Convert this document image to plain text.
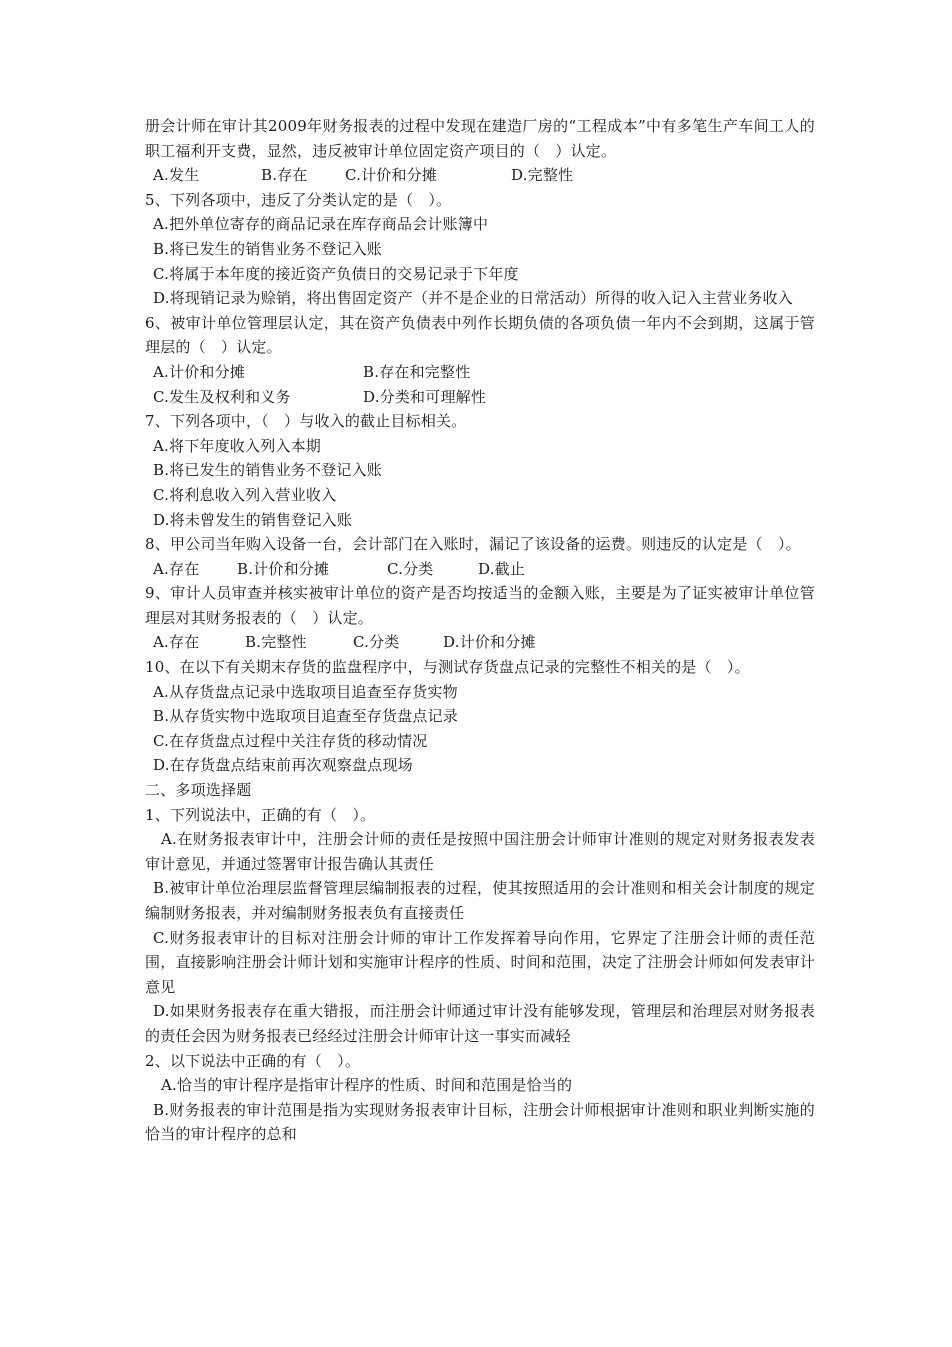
册会计师在审计其2009年财务报表的过程中发现在建造厂房的“工程成本”中有多笔生产车间工人的职工福利开支费，显然，违反被审计单位固定资产项目的（　）认定。
A.发生	B.存在 C.计价和分摊	D.完整性
5、下列各项中，违反了分类认定的是（　）。
A.把外单位寄存的商品记录在库存商品会计账簿中
B.将已发生的销售业务不登记入账
C.将属于本年度的接近资产负债日的交易记录于下年度
D.将现销记录为赊销，将出售固定资产（并不是企业的日常活动）所得的收入记入主营业务收入
6、被审计单位管理层认定，其在资产负债表中列作长期负债的各项负债一年内不会到期，这属于管理层的（　）认定。
A.计价和分摊	B.存在和完整性
C.发生及权利和义务	D.分类和可理解性
7、下列各项中，（　）与收入的截止目标相关。
A.将下年度收入列入本期
B.将已发生的销售业务不登记入账
C.将利息收入列入营业收入
D.将未曾发生的销售登记入账
8、甲公司当年购入设备一台，会计部门在入账时，漏记了该设备的运费。则违反的认定是（　）。
A.存在	B.计价和分摊	C.分类	D.截止
9、审计人员审查并核实被审计单位的资产是否均按适当的金额入账，主要是为了证实被审计单位管理层对其财务报表的（　）认定。
A.存在	B.完整性	C.分类	D.计价和分摊
10、在以下有关期末存货的监盘程序中，与测试存货盘点记录的完整性不相关的是（　）。
A.从存货盘点记录中选取项目追查至存货实物
B.从存货实物中选取项目追查至存货盘点记录
C.在存货盘点过程中关注存货的移动情况
D.在存货盘点结束前再次观察盘点现场
二、多项选择题
1、下列说法中，正确的有（　）。
A.在财务报表审计中，注册会计师的责任是按照中国注册会计师审计准则的规定对财务报表发表审计意见，并通过签署审计报告确认其责任
B.被审计单位治理层监督管理层编制报表的过程，使其按照适用的会计准则和相关会计制度的规定编制财务报表，并对编制财务报表负有直接责任
C.财务报表审计的目标对注册会计师的审计工作发挥着导向作用，它界定了注册会计师的责任范围，直接影响注册会计师计划和实施审计程序的性质、时间和范围，决定了注册会计师如何发表审计意见
D.如果财务报表存在重大错报，而注册会计师通过审计没有能够发现，管理层和治理层对财务报表的责任会因为财务报表已经经过注册会计师审计这一事实而减轻
2、以下说法中正确的有（　）。
A.恰当的审计程序是指审计程序的性质、时间和范围是恰当的
B.财务报表的审计范围是指为实现财务报表审计目标，注册会计师根据审计准则和职业判断实施的恰当的审计程序的总和
